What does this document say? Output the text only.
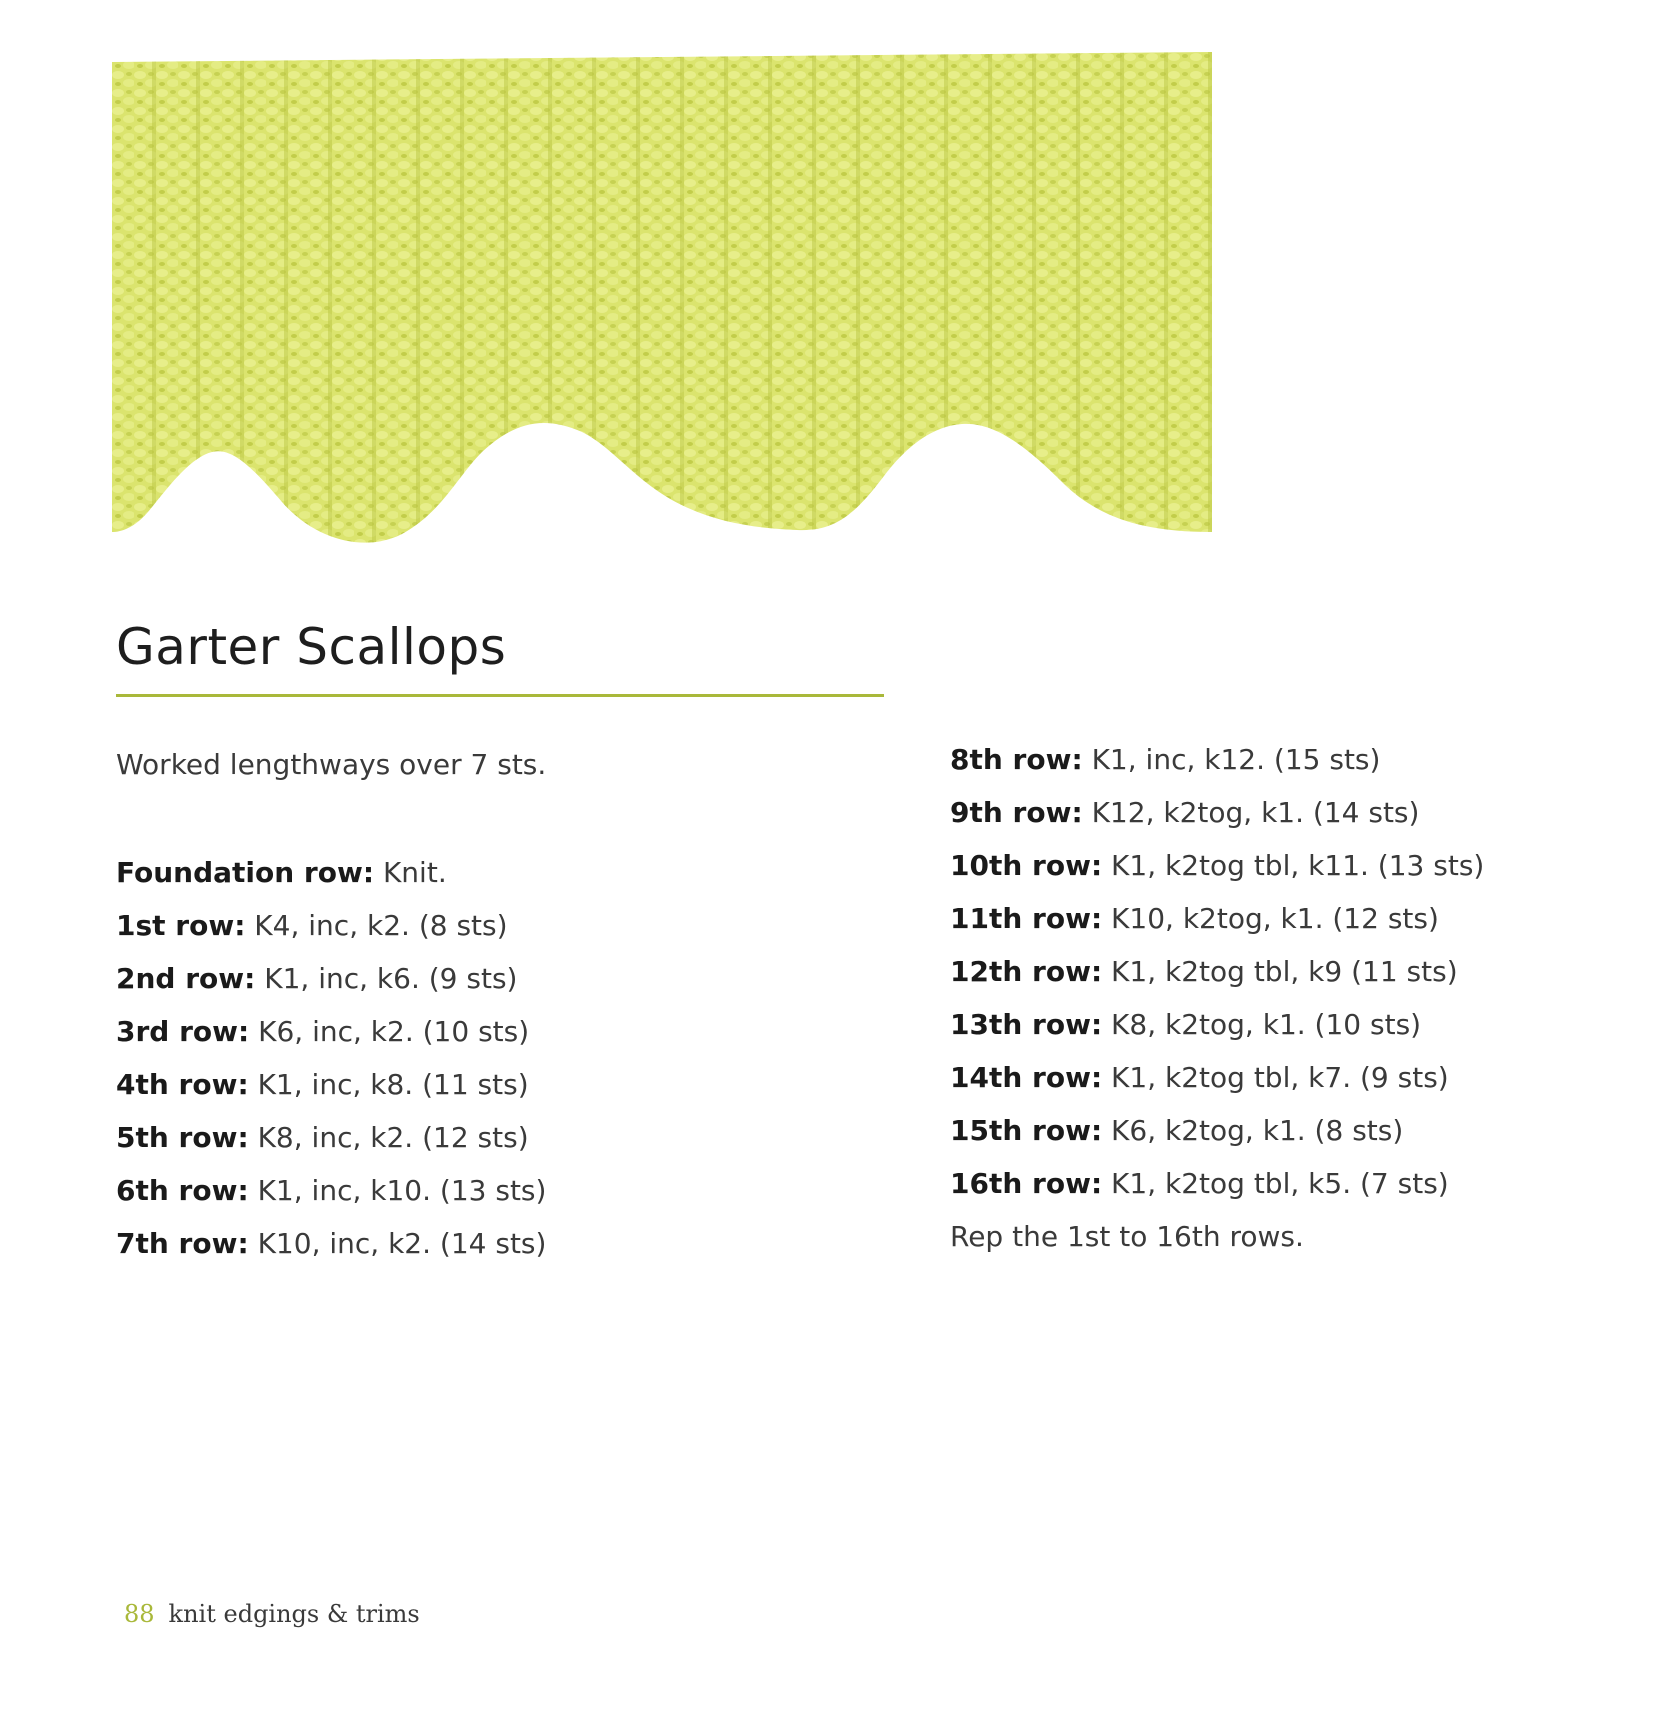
Garter Scallops
Worked lengthways over 7 sts.
Foundation row: Knit.
1st row: K4, inc, k2. (8 sts)
2nd row: K1, inc, k6. (9 sts)
3rd row: K6, inc, k2. (10 sts)
4th row: K1, inc, k8. (11 sts)
5th row: K8, inc, k2. (12 sts)
6th row: K1, inc, k10. (13 sts)
7th row: K10, inc, k2. (14 sts)
8th row: K1, inc, k12. (15 sts)
9th row: K12, k2tog, k1. (14 sts)
10th row: K1, k2tog tbl, k11. (13 sts)
11th row: K10, k2tog, k1. (12 sts)
12th row: K1, k2tog tbl, k9 (11 sts)
13th row: K8, k2tog, k1. (10 sts)
14th row: K1, k2tog tbl, k7. (9 sts)
15th row: K6, k2tog, k1. (8 sts)
16th row: K1, k2tog tbl, k5. (7 sts)
Rep the 1st to 16th rows.
88 knit edgings & trims
